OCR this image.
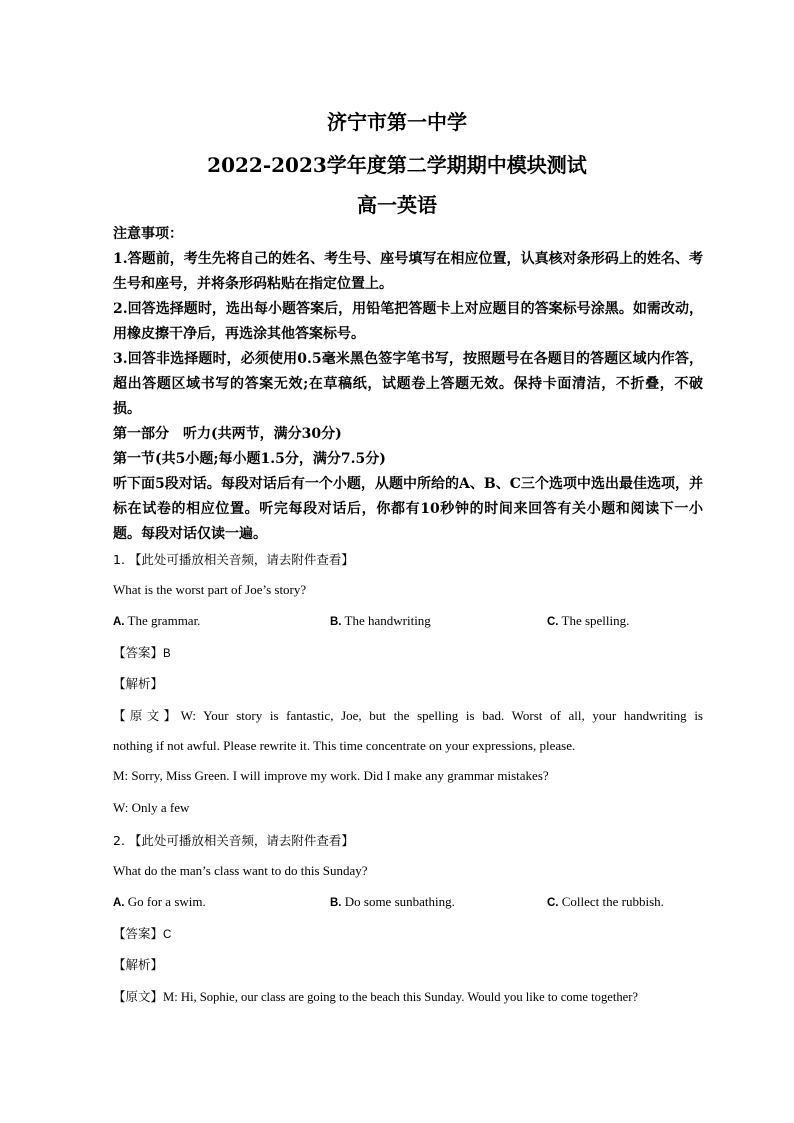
济宁市第一中学
2022-2023学年度第二学期期中模块测试
高一英语

注意事项：

1.答题前，考生先将自己的姓名、考生号、座号填写在相应位置，认真核对条形码上的姓名、考生号和座号，并将条形码粘贴在指定位置上。

2.回答选择题时，选出每小题答案后，用铅笔把答题卡上对应题目的答案标号涂黑。如需改动，用橡皮擦干净后，再选涂其他答案标号。

3.回答非选择题时，必须使用0.5毫米黑色签字笔书写，按照题号在各题目的答题区域内作答，超出答题区域书写的答案无效;在草稿纸，试题卷上答题无效。保持卡面清洁，不折叠，不破损。

第一部分　听力(共两节，满分30分)

第一节(共5小题;每小题1.5分，满分7.5分)

听下面5段对话。每段对话后有一个小题，从题中所给的A、B、C三个选项中选出最佳选项，并标在试卷的相应位置。听完每段对话后，你都有10秒钟的时间来回答有关小题和阅读下一小题。每段对话仅读一遍。

1. 【此处可播放相关音频，请去附件查看】
What is the worst part of Joe’s story?
A. The grammar.	B. The handwriting	C. The spelling.
【答案】B
【解析】
【原文】W: Your story is fantastic, Joe, but the spelling is bad. Worst of all, your handwriting is
nothing if not awful. Please rewrite it. This time concentrate on your expressions, please.
M: Sorry, Miss Green. I will improve my work. Did I make any grammar mistakes?
W: Only a few
2. 【此处可播放相关音频，请去附件查看】
What do the man’s class want to do this Sunday?
A. Go for a swim.	B. Do some sunbathing.	C. Collect the rubbish.
【答案】C
【解析】
【原文】M: Hi, Sophie, our class are going to the beach this Sunday. Would you like to come together?
